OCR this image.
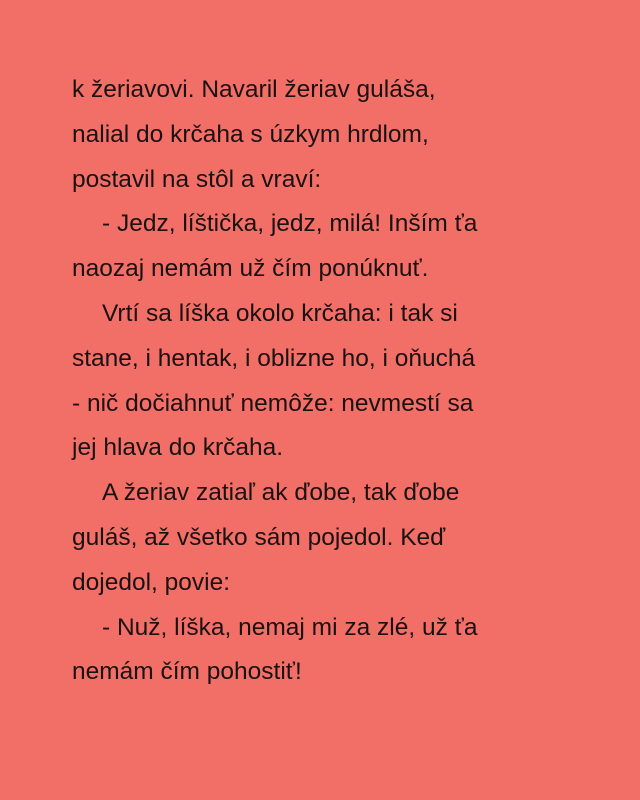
k žeriavovi. Navaril žeriav guláša,
nalial do krčaha s úzkym hrdlom,
postavil na stôl a vraví:
- Jedz, líštička, jedz, milá! Inším ťa
naozaj nemám už čím ponúknuť.
Vrtí sa líška okolo krčaha: i tak si
stane, i hentak, i oblizne ho, i oňuchá
- nič dočiahnuť nemôže: nevmestí sa
jej hlava do krčaha.
A žeriav zatiaľ ak ďobe, tak ďobe
guláš, až všetko sám pojedol. Keď
dojedol, povie:
- Nuž, líška, nemaj mi za zlé, už ťa
nemám čím pohostiť!
